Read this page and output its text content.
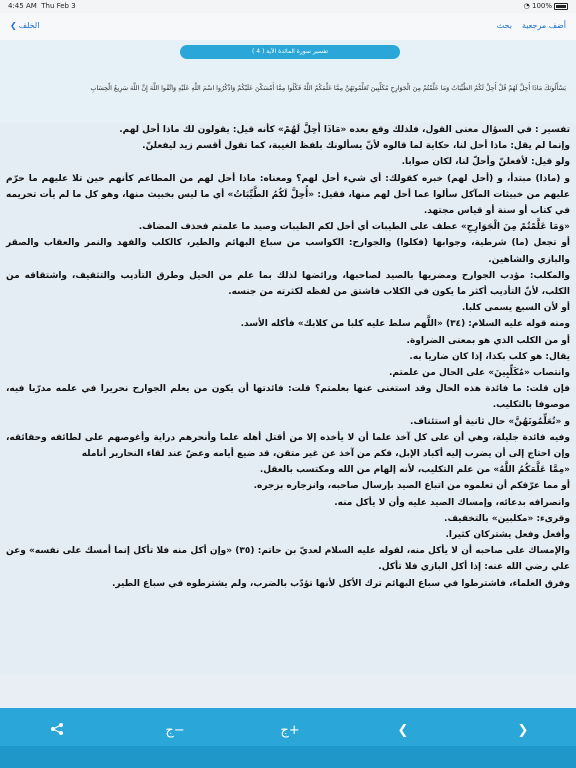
4:45 AM Thu Feb 3	◔ 100%
❮ الخلف	بحث أضف مرجعية
تفسير سورة المائدة الآية ( 4 )
يَسْأَلُونَكَ مَاذَا أُحِلَّ لَهُمْ قُلْ أُحِلَّ لَكُمُ الطَّيِّبَاتُ وَمَا عَلَّمْتُمْ مِنَ الْجَوَارِحِ مُكَلِّبِينَ تُعَلِّمُونَهُنَّ مِمَّا عَلَّمَكُمُ اللَّهُ فَكُلُوا مِمَّا أَمْسَكْنَ عَلَيْكُمْ وَاذْكُرُوا اسْمَ اللَّهِ عَلَيْهِ وَاتَّقُوا اللَّهَ إِنَّ اللَّهَ سَرِيعُ الْحِسَابِ

تفسير : في السؤال معنى القول، فلذلك وقع بعده «مَاذَا أُحِلَّ لَهُمْ» كأنه قيل: يقولون لك ماذا أحل لهم.

وإنما لم يقل: ماذا أحل لنا، حكاية لما قالوه لأنّ يسألونك بلفظ الغيبة، كما تقول أقسم زيد ليفعلنّ.

ولو قيل: لأفعلنّ وأحلّ لنا، لكان صوابا.

و (ماذا) مبتدأ، و (أحل لهم) خبره كقولك: أي شيء أحل لهم؟ ومعناه: ماذا أحل لهم من المطاعم كأنهم حين تلا عليهم ما حرّم عليهم من خبيثات المآكل سألوا عما أحل لهم منها، فقيل: «أُحِلَّ لَكُمُ الطَّيِّبَاتُ» أي ما ليس بخبيث منها، وهو كل ما لم يأت تحريمه في كتاب أو سنة أو قياس مجتهد.

«وَمَا عَلَّمْتُمْ مِنَ الْجَوَارِحِ» عطف على الطيبات أي أحل لكم الطيبات وصيد ما علمتم فحذف المضاف.

أو تجعل (ما) شرطية، وجوابها (فكلوا) والجوارح: الكواسب من سباع البهائم والطير، كالكلب والفهد والنمر والعقاب والصقر والبازي والشاهين.

والمكلب: مؤدب الجوارح ومضريها بالصيد لصاحبها، ورائضها لذلك بما علم من الحيل وطرق التأديب والتثقيف، واشتقاقه من الكلب، لأنّ التأديب أكثر ما يكون في الكلاب فاشتق من لفظه لكثرته من جنسه.

أو لأن السبع يسمى كلبا.

ومنه قوله عليه السلام: (٣٤) «اللَّهم سلط عليه كلبا من كلابك» فأكله الأسد.

أو من الكلب الذي هو بمعنى الضراوة.

يقال: هو كلب بكذا، إذا كان ضاريا به.

وانتصاب «مُكَلِّبِينَ» على الحال من علمتم.

فإن قلت: ما فائدة هذه الحال وقد استغنى عنها بعلمتم؟ قلت: فائدتها أن يكون من يعلم الجوارح نحريرا في علمه مدرّبا فيه، موصوفا بالتكليب.

و «تُعَلِّمُونَهُنَّ» حال ثانية أو استئناف.

وفيه فائدة جليلة، وهي أن على كل آخذ علما أن لا يأخذه إلا من أقتل أهله علما وأنحرهم دراية وأغوصهم على لطائفه وحقائقه، وإن احتاج إلى أن يضرب إليه أكباد الإبل، فكم من آخذ عن غير متقن، قد ضيع أيامه وعضّ عند لقاء النحارير أنامله

«مِمَّا عَلَّمَكُمُ اللَّهُ» من علم التكليب، لأنه إلهام من الله ومكتسب بالعقل.

أو مما عرّفكم أن تعلموه من اتباع الصيد بإرسال صاحبه، وانزجاره بزجره.

وانصرافه بدعائه، وإمساك الصيد عليه وأن لا يأكل منه.

وقرىء: «مكلبين» بالتخفيف.

وأفعل وفعل يشتركان كثيرا.

والإمساك على صاحبه أن لا يأكل منه، لقوله عليه السلام لعديّ بن حاتم: (٣٥) «وإن أكل منه فلا تأكل إنما أمسك على نفسه» وعن علي رضي الله عنه: إذا أكل البازي فلا تأكل.

وفرق العلماء، فاشترطوا في سباع البهائم ترك الأكل لأنها تؤدّب بالضرب، ولم يشترطوه في سباع الطير.

ج−	ج+	❮	❯
